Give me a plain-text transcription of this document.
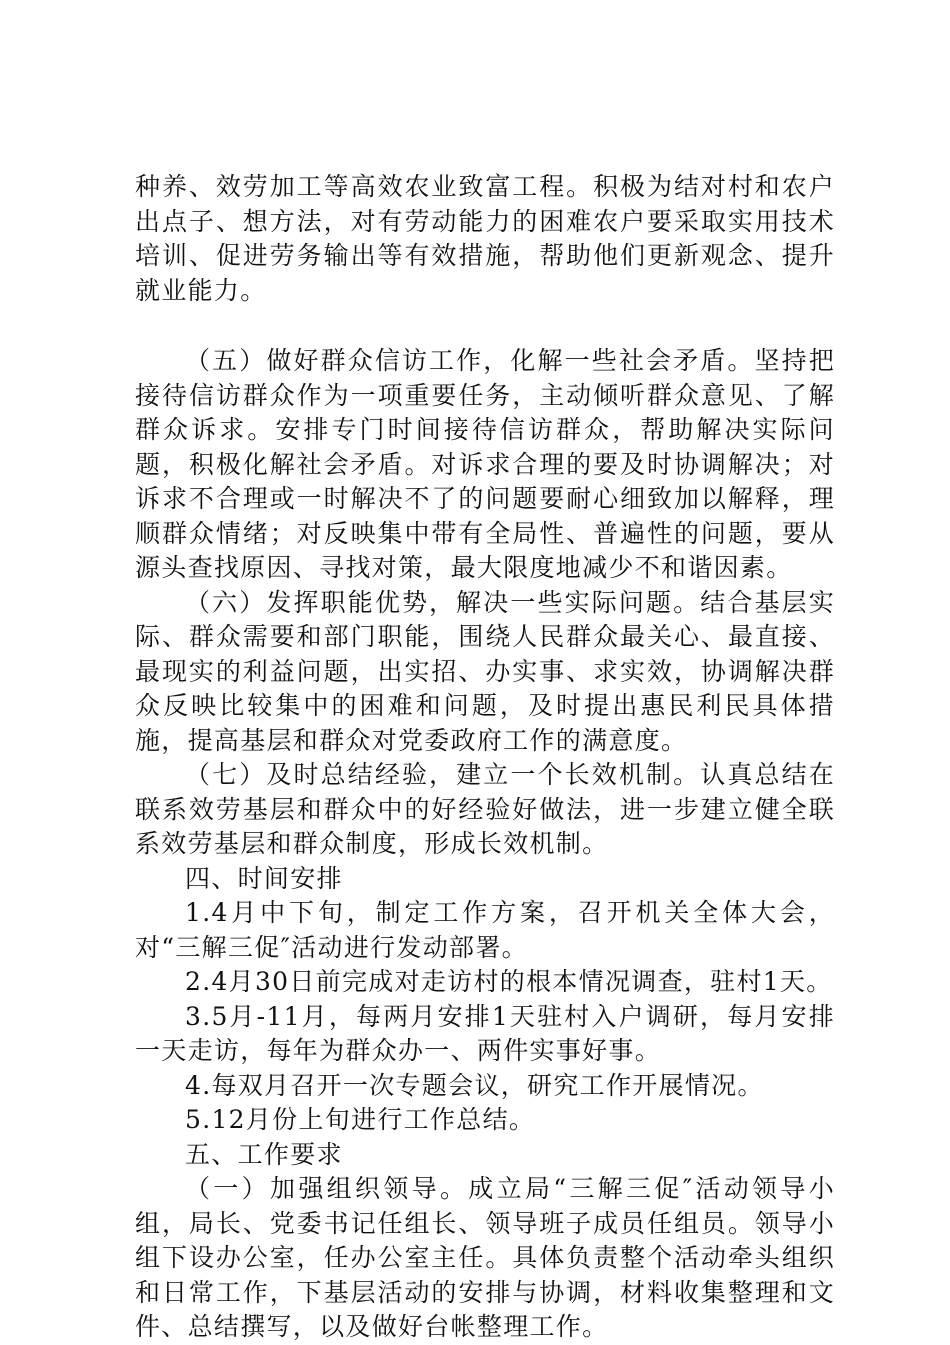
种养、效劳加工等高效农业致富工程。积极为结对村和农户出点子、想方法，对有劳动能力的困难农户要采取实用技术培训、促进劳务输出等有效措施，帮助他们更新观念、提升就业能力。

（五）做好群众信访工作，化解一些社会矛盾。坚持把接待信访群众作为一项重要任务，主动倾听群众意见、了解群众诉求。安排专门时间接待信访群众，帮助解决实际问题，积极化解社会矛盾。对诉求合理的要及时协调解决；对诉求不合理或一时解决不了的问题要耐心细致加以解释，理顺群众情绪；对反映集中带有全局性、普遍性的问题，要从源头查找原因、寻找对策，最大限度地减少不和谐因素。

（六）发挥职能优势，解决一些实际问题。结合基层实际、群众需要和部门职能，围绕人民群众最关心、最直接、最现实的利益问题，出实招、办实事、求实效，协调解决群众反映比较集中的困难和问题，及时提出惠民利民具体措施，提高基层和群众对党委政府工作的满意度。

（七）及时总结经验，建立一个长效机制。认真总结在联系效劳基层和群众中的好经验好做法，进一步建立健全联系效劳基层和群众制度，形成长效机制。

四、时间安排

1.4月中下旬，制定工作方案，召开机关全体大会，对“三解三促″活动进行发动部署。

2.4月30日前完成对走访村的根本情况调查，驻村1天。

3.5月-11月，每两月安排1天驻村入户调研，每月安排一天走访，每年为群众办一、两件实事好事。

4.每双月召开一次专题会议，研究工作开展情况。

5.12月份上旬进行工作总结。

五、工作要求

（一）加强组织领导。成立局“三解三促″活动领导小组，局长、党委书记任组长、领导班子成员任组员。领导小组下设办公室，任办公室主任。具体负责整个活动牵头组织和日常工作，下基层活动的安排与协调，材料收集整理和文件、总结撰写，以及做好台帐整理工作。
